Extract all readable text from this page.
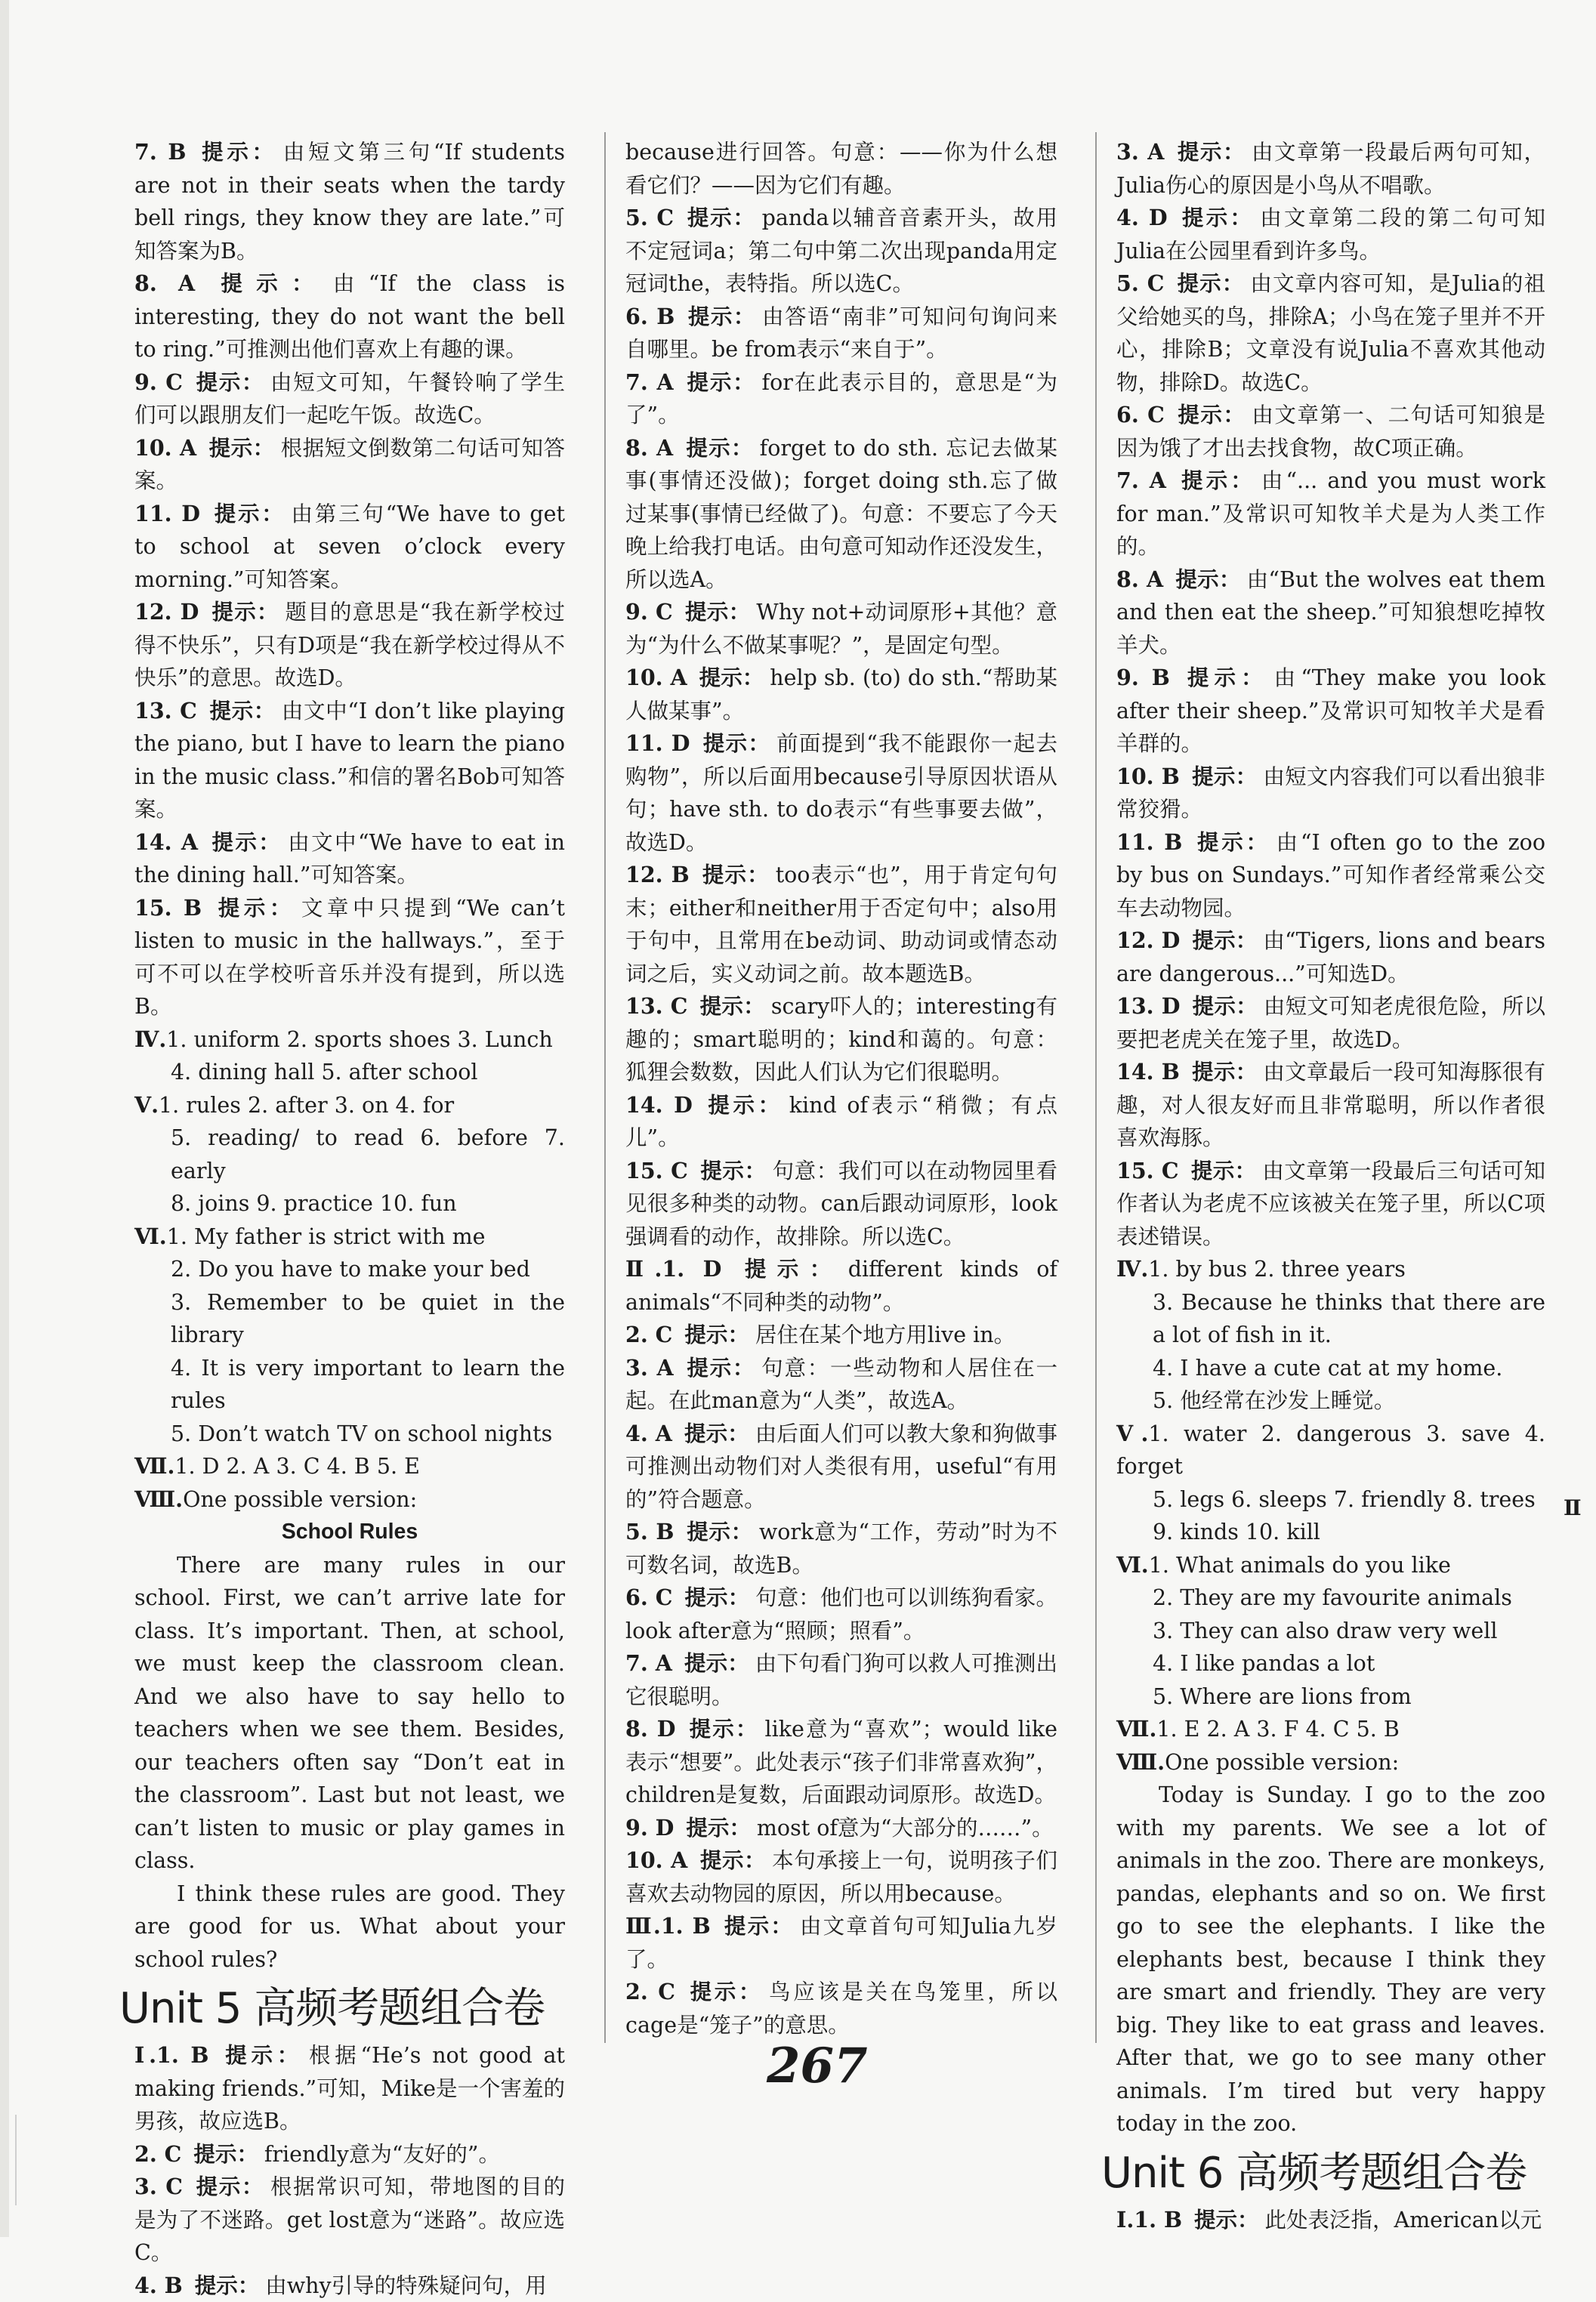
7. B 提示： 由短文第三句“If students are not in their seats when the tardy bell rings, they know they are late.”可知答案为B。
8. A 提示： 由“If the class is interesting, they do not want the bell to ring.”可推测出他们喜欢上有趣的课。
9. C 提示： 由短文可知，午餐铃响了学生们可以跟朋友们一起吃午饭。故选C。
10. A 提示： 根据短文倒数第二句话可知答案。
11. D 提示： 由第三句“We have to get to school at seven o’clock every morning.”可知答案。
12. D 提示： 题目的意思是“我在新学校过得不快乐”，只有D项是“我在新学校过得从不快乐”的意思。故选D。
13. C 提示： 由文中“I don’t like playing the piano, but I have to learn the piano in the music class.”和信的署名Bob可知答案。
14. A 提示： 由文中“We have to eat in the dining hall.”可知答案。
15. B 提示： 文章中只提到“We can’t listen to music in the hallways.”，至于可不可以在学校听音乐并没有提到，所以选B。
Ⅳ.1. uniform 2. sports shoes 3. Lunch
4. dining hall 5. after school
Ⅴ.1. rules 2. after 3. on 4. for
5. reading/ to read 6. before 7. early
8. joins 9. practice 10. fun
Ⅵ.1. My father is strict with me
2. Do you have to make your bed
3. Remember to be quiet in the library
4. It is very important to learn the rules
5. Don’t watch TV on school nights
Ⅶ.1. D 2. A 3. C 4. B 5. E
Ⅷ.One possible version:
School Rules
There are many rules in our school. First, we can’t arrive late for class. It’s important. Then, at school, we must keep the classroom clean. And we also have to say hello to teachers when we see them. Besides, our teachers often say “Don’t eat in the classroom”. Last but not least, we can’t listen to music or play games in class.
I think these rules are good. They are good for us. What about your school rules?
Unit 5 高频考题组合卷
Ⅰ.1. B 提示： 根据“He’s not good at making friends.”可知，Mike是一个害羞的男孩，故应选B。
2. C 提示： friendly意为“友好的”。
3. C 提示： 根据常识可知，带地图的目的是为了不迷路。get lost意为“迷路”。故应选C。
4. B 提示： 由why引导的特殊疑问句，用
because进行回答。句意：——你为什么想看它们？——因为它们有趣。
5. C 提示： panda以辅音音素开头，故用不定冠词a；第二句中第二次出现panda用定冠词the，表特指。所以选C。
6. B 提示： 由答语“南非”可知问句询问来自哪里。be from表示“来自于”。
7. A 提示： for在此表示目的，意思是“为了”。
8. A 提示： forget to do sth. 忘记去做某事(事情还没做)；forget doing sth.忘了做过某事(事情已经做了)。句意：不要忘了今天晚上给我打电话。由句意可知动作还没发生，所以选A。
9. C 提示： Why not+动词原形+其他？意为“为什么不做某事呢？”，是固定句型。
10. A 提示： help sb. (to) do sth.“帮助某人做某事”。
11. D 提示： 前面提到“我不能跟你一起去购物”，所以后面用because引导原因状语从句；have sth. to do表示“有些事要去做”，故选D。
12. B 提示： too表示“也”，用于肯定句句末；either和neither用于否定句中；also用于句中，且常用在be动词、助动词或情态动词之后，实义动词之前。故本题选B。
13. C 提示： scary吓人的；interesting有趣的；smart聪明的；kind和蔼的。句意：狐狸会数数，因此人们认为它们很聪明。
14. D 提示： kind of表示“稍微；有点儿”。
15. C 提示： 句意：我们可以在动物园里看见很多种类的动物。can后跟动词原形，look强调看的动作，故排除。所以选C。
Ⅱ.1. D 提示： different kinds of animals“不同种类的动物”。
2. C 提示： 居住在某个地方用live in。
3. A 提示： 句意：一些动物和人居住在一起。在此man意为“人类”，故选A。
4. A 提示： 由后面人们可以教大象和狗做事可推测出动物们对人类很有用，useful“有用的”符合题意。
5. B 提示： work意为“工作，劳动”时为不可数名词，故选B。
6. C 提示： 句意：他们也可以训练狗看家。look after意为“照顾；照看”。
7. A 提示： 由下句看门狗可以救人可推测出它很聪明。
8. D 提示： like意为“喜欢”；would like表示“想要”。此处表示“孩子们非常喜欢狗”，children是复数，后面跟动词原形。故选D。
9. D 提示： most of意为“大部分的……”。
10. A 提示： 本句承接上一句，说明孩子们喜欢去动物园的原因，所以用because。
Ⅲ.1. B 提示： 由文章首句可知Julia九岁了。
2. C 提示： 鸟应该是关在鸟笼里，所以cage是“笼子”的意思。
3. A 提示： 由文章第一段最后两句可知，Julia伤心的原因是小鸟从不唱歌。
4. D 提示： 由文章第二段的第二句可知Julia在公园里看到许多鸟。
5. C 提示： 由文章内容可知，是Julia的祖父给她买的鸟，排除A；小鸟在笼子里并不开心，排除B；文章没有说Julia不喜欢其他动物，排除D。故选C。
6. C 提示： 由文章第一、二句话可知狼是因为饿了才出去找食物，故C项正确。
7. A 提示： 由“... and you must work for man.”及常识可知牧羊犬是为人类工作的。
8. A 提示： 由“But the wolves eat them and then eat the sheep.”可知狼想吃掉牧羊犬。
9. B 提示： 由“They make you look after their sheep.”及常识可知牧羊犬是看羊群的。
10. B 提示： 由短文内容我们可以看出狼非常狡猾。
11. B 提示： 由“I often go to the zoo by bus on Sundays.”可知作者经常乘公交车去动物园。
12. D 提示： 由“Tigers, lions and bears are dangerous...”可知选D。
13. D 提示： 由短文可知老虎很危险，所以要把老虎关在笼子里，故选D。
14. B 提示： 由文章最后一段可知海豚很有趣，对人很友好而且非常聪明，所以作者很喜欢海豚。
15. C 提示： 由文章第一段最后三句话可知作者认为老虎不应该被关在笼子里，所以C项表述错误。
Ⅳ.1. by bus 2. three years
3. Because he thinks that there are a lot of fish in it.
4. I have a cute cat at my home.
5. 他经常在沙发上睡觉。
Ⅴ.1. water 2. dangerous 3. save 4. forget
5. legs 6. sleeps 7. friendly 8. trees
9. kinds 10. kill
Ⅵ.1. What animals do you like
2. They are my favourite animals
3. They can also draw very well
4. I like pandas a lot
5. Where are lions from
Ⅶ.1. E 2. A 3. F 4. C 5. B
Ⅷ.One possible version:
Today is Sunday. I go to the zoo with my parents. We see a lot of animals in the zoo. There are monkeys, pandas, elephants and so on. We first go to see the elephants. I like the elephants best, because I think they are smart and friendly. They are very big. They like to eat grass and leaves. After that, we go to see many other animals. I’m tired but very happy today in the zoo.
Unit 6 高频考题组合卷
Ⅰ.1. B 提示： 此处表泛指，American以元
Ⅱ
267
